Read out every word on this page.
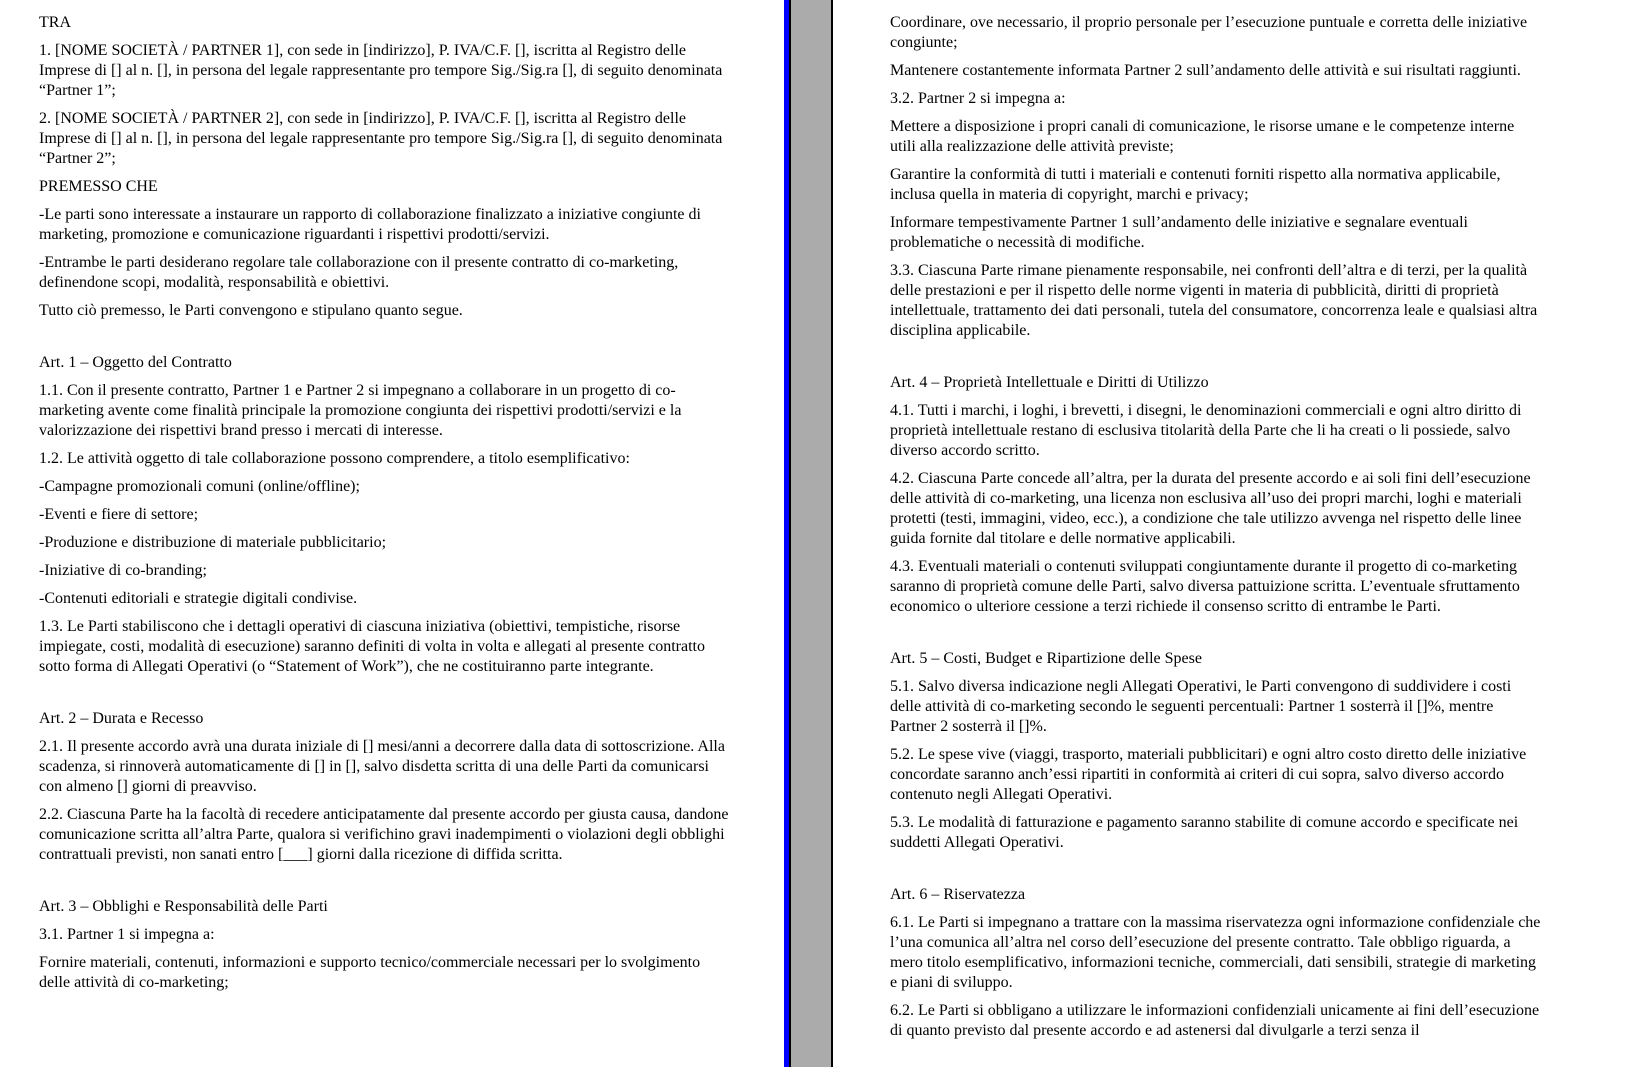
TRA

1. [NOME SOCIETÀ / PARTNER 1], con sede in [indirizzo], P. IVA/C.F. [], iscritta al Registro delle Imprese di [] al n. [], in persona del legale rappresentante pro tempore Sig./Sig.ra [], di seguito denominata “Partner 1”;

2. [NOME SOCIETÀ / PARTNER 2], con sede in [indirizzo], P. IVA/C.F. [], iscritta al Registro delle Imprese di [] al n. [], in persona del legale rappresentante pro tempore Sig./Sig.ra [], di seguito denominata “Partner 2”;

PREMESSO CHE

-Le parti sono interessate a instaurare un rapporto di collaborazione finalizzato a iniziative congiunte di marketing, promozione e comunicazione riguardanti i rispettivi prodotti/servizi.

-Entrambe le parti desiderano regolare tale collaborazione con il presente contratto di co-marketing, definendone scopi, modalità, responsabilità e obiettivi.

Tutto ciò premesso, le Parti convengono e stipulano quanto segue.

Art. 1 – Oggetto del Contratto

1.1. Con il presente contratto, Partner 1 e Partner 2 si impegnano a collaborare in un progetto di co-marketing avente come finalità principale la promozione congiunta dei rispettivi prodotti/servizi e la valorizzazione dei rispettivi brand presso i mercati di interesse.

1.2. Le attività oggetto di tale collaborazione possono comprendere, a titolo esemplificativo:

-Campagne promozionali comuni (online/offline);

-Eventi e fiere di settore;

-Produzione e distribuzione di materiale pubblicitario;

-Iniziative di co-branding;

-Contenuti editoriali e strategie digitali condivise.

1.3. Le Parti stabiliscono che i dettagli operativi di ciascuna iniziativa (obiettivi, tempistiche, risorse impiegate, costi, modalità di esecuzione) saranno definiti di volta in volta e allegati al presente contratto sotto forma di Allegati Operativi (o “Statement of Work”), che ne costituiranno parte integrante.

Art. 2 – Durata e Recesso

2.1. Il presente accordo avrà una durata iniziale di [] mesi/anni a decorrere dalla data di sottoscrizione. Alla scadenza, si rinnoverà automaticamente di [] in [], salvo disdetta scritta di una delle Parti da comunicarsi con almeno [] giorni di preavviso.

2.2. Ciascuna Parte ha la facoltà di recedere anticipatamente dal presente accordo per giusta causa, dandone comunicazione scritta all’altra Parte, qualora si verifichino gravi inadempimenti o violazioni degli obblighi contrattuali previsti, non sanati entro [___] giorni dalla ricezione di diffida scritta.

Art. 3 – Obblighi e Responsabilità delle Parti

3.1. Partner 1 si impegna a:

Fornire materiali, contenuti, informazioni e supporto tecnico/commerciale necessari per lo svolgimento delle attività di co-marketing;

Coordinare, ove necessario, il proprio personale per l’esecuzione puntuale e corretta delle iniziative congiunte;

Mantenere costantemente informata Partner 2 sull’andamento delle attività e sui risultati raggiunti.

3.2. Partner 2 si impegna a:

Mettere a disposizione i propri canali di comunicazione, le risorse umane e le competenze interne utili alla realizzazione delle attività previste;

Garantire la conformità di tutti i materiali e contenuti forniti rispetto alla normativa applicabile, inclusa quella in materia di copyright, marchi e privacy;

Informare tempestivamente Partner 1 sull’andamento delle iniziative e segnalare eventuali problematiche o necessità di modifiche.

3.3. Ciascuna Parte rimane pienamente responsabile, nei confronti dell’altra e di terzi, per la qualità delle prestazioni e per il rispetto delle norme vigenti in materia di pubblicità, diritti di proprietà intellettuale, trattamento dei dati personali, tutela del consumatore, concorrenza leale e qualsiasi altra disciplina applicabile.

Art. 4 – Proprietà Intellettuale e Diritti di Utilizzo

4.1. Tutti i marchi, i loghi, i brevetti, i disegni, le denominazioni commerciali e ogni altro diritto di proprietà intellettuale restano di esclusiva titolarità della Parte che li ha creati o li possiede, salvo diverso accordo scritto.

4.2. Ciascuna Parte concede all’altra, per la durata del presente accordo e ai soli fini dell’esecuzione delle attività di co-marketing, una licenza non esclusiva all’uso dei propri marchi, loghi e materiali protetti (testi, immagini, video, ecc.), a condizione che tale utilizzo avvenga nel rispetto delle linee guida fornite dal titolare e delle normative applicabili.

4.3. Eventuali materiali o contenuti sviluppati congiuntamente durante il progetto di co-marketing saranno di proprietà comune delle Parti, salvo diversa pattuizione scritta. L’eventuale sfruttamento economico o ulteriore cessione a terzi richiede il consenso scritto di entrambe le Parti.

Art. 5 – Costi, Budget e Ripartizione delle Spese

5.1. Salvo diversa indicazione negli Allegati Operativi, le Parti convengono di suddividere i costi delle attività di co-marketing secondo le seguenti percentuali: Partner 1 sosterrà il []%, mentre Partner 2 sosterrà il []%.

5.2. Le spese vive (viaggi, trasporto, materiali pubblicitari) e ogni altro costo diretto delle iniziative concordate saranno anch’essi ripartiti in conformità ai criteri di cui sopra, salvo diverso accordo contenuto negli Allegati Operativi.

5.3. Le modalità di fatturazione e pagamento saranno stabilite di comune accordo e specificate nei suddetti Allegati Operativi.

Art. 6 – Riservatezza

6.1. Le Parti si impegnano a trattare con la massima riservatezza ogni informazione confidenziale che l’una comunica all’altra nel corso dell’esecuzione del presente contratto. Tale obbligo riguarda, a mero titolo esemplificativo, informazioni tecniche, commerciali, dati sensibili, strategie di marketing e piani di sviluppo.

6.2. Le Parti si obbligano a utilizzare le informazioni confidenziali unicamente ai fini dell’esecuzione di quanto previsto dal presente accordo e ad astenersi dal divulgarle a terzi senza il
